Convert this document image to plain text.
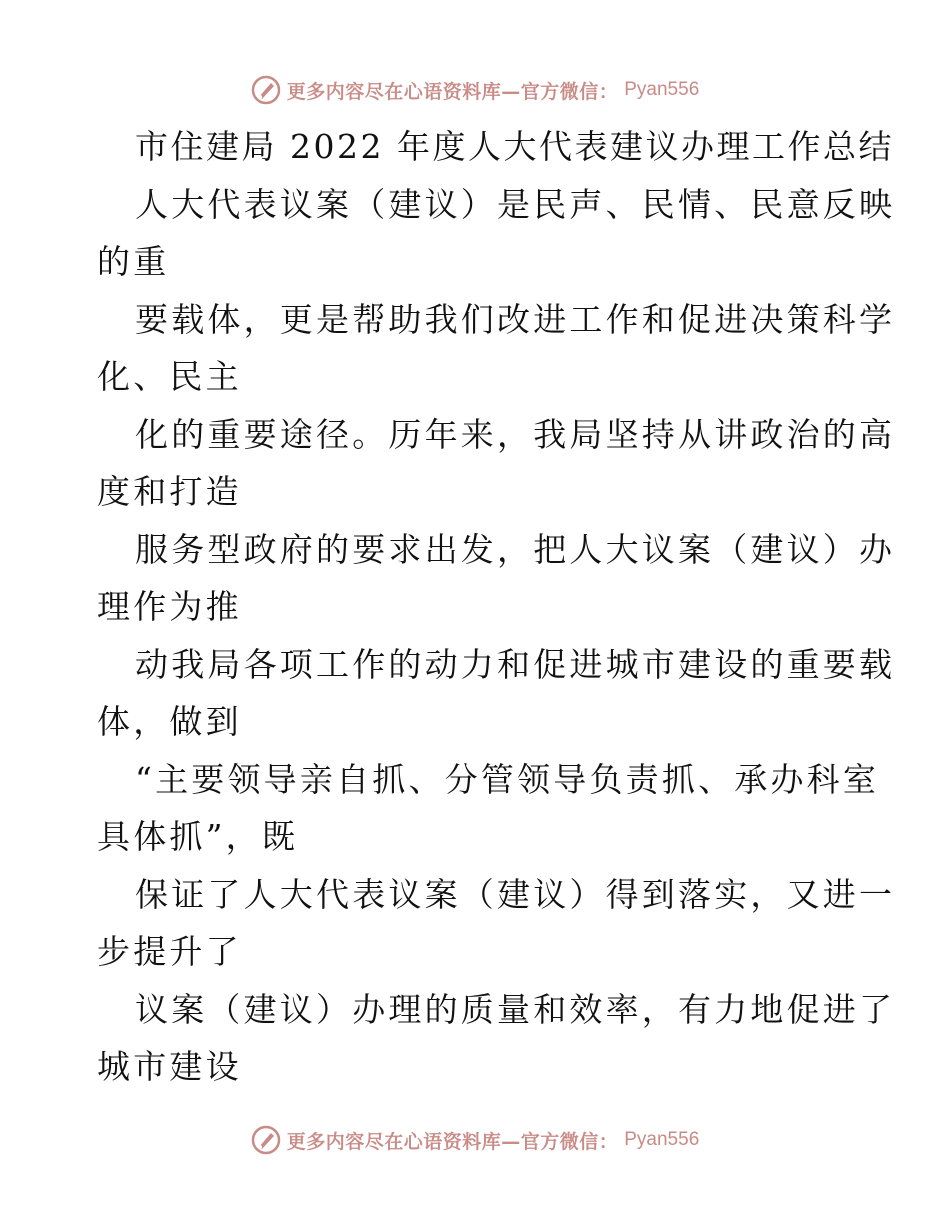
更多内容尽在心语资料库—官方微信： Pyan556
市住建局 2022 年度人大代表建议办理工作总结
人大代表议案（建议）是民声、民情、民意反映
的重
要载体，更是帮助我们改进工作和促进决策科学
化、民主
化的重要途径。历年来，我局坚持从讲政治的高
度和打造
服务型政府的要求出发，把人大议案（建议）办
理作为推
动我局各项工作的动力和促进城市建设的重要载
体，做到
“主要领导亲自抓、分管领导负责抓、承办科室
具体抓”，既
保证了人大代表议案（建议）得到落实，又进一
步提升了
议案（建议）办理的质量和效率，有力地促进了
城市建设
更多内容尽在心语资料库—官方微信： Pyan556
